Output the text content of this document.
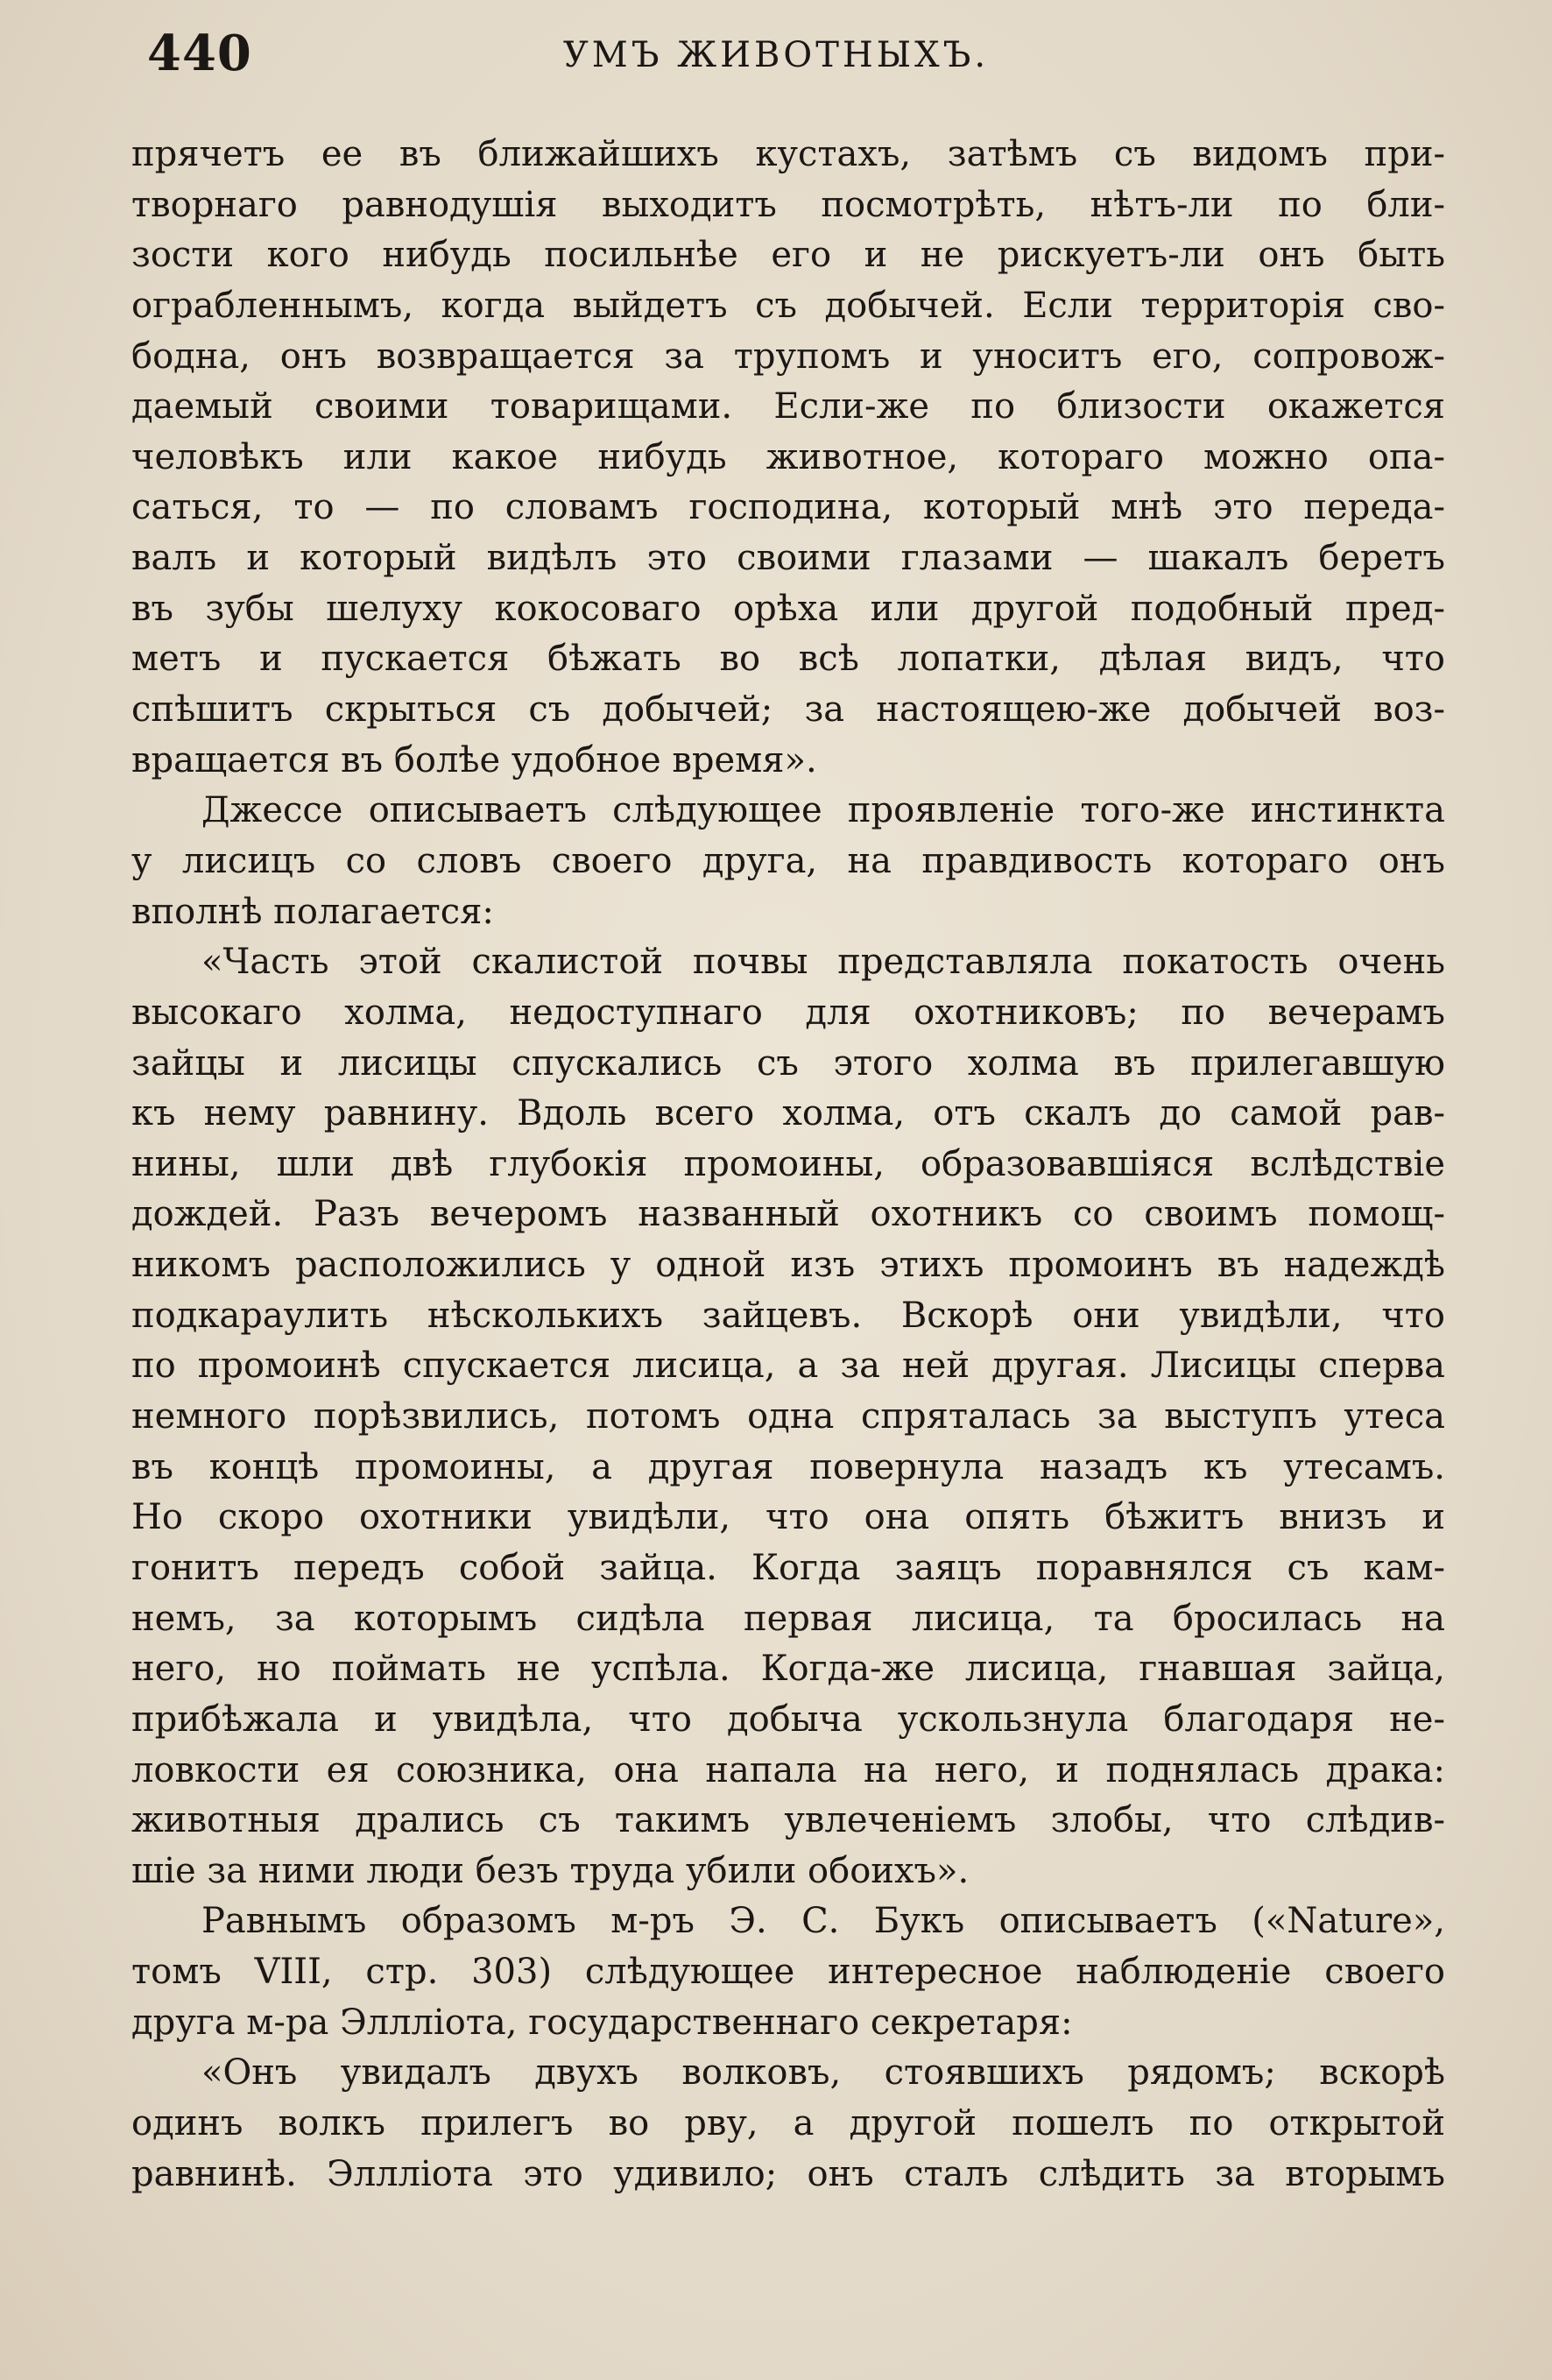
440	УМЪ ЖИВОТНЫХЪ.
прячетъ ее въ ближайшихъ кустахъ, затѣмъ съ видомъ при-
творнаго равнодушія выходитъ посмотрѣть, нѣтъ-ли по бли-
зости кого нибудь посильнѣе его и не рискуетъ-ли онъ быть
ограбленнымъ, когда выйдетъ съ добычей. Если территорія сво-
бодна, онъ возвращается за трупомъ и уноситъ его, сопровож-
даемый своими товарищами. Если-же по близости окажется
человѣкъ или какое нибудь животное, котораго можно опа-
саться, то — по словамъ господина, который мнѣ это переда-
валъ и который видѣлъ это своими глазами — шакалъ беретъ
въ зубы шелуху кокосоваго орѣха или другой подобный пред-
метъ и пускается бѣжать во всѣ лопатки, дѣлая видъ, что
спѣшитъ скрыться съ добычей; за настоящею-же добычей воз-
вращается въ болѣе удобное время».
Джессе описываетъ слѣдующее проявленіе того-же инстинкта
у лисицъ со словъ своего друга, на правдивость котораго онъ
вполнѣ полагается:
«Часть этой скалистой почвы представляла покатость очень
высокаго холма, недоступнаго для охотниковъ; по вечерамъ
зайцы и лисицы спускались съ этого холма въ прилегавшую
къ нему равнину. Вдоль всего холма, отъ скалъ до самой рав-
нины, шли двѣ глубокія промоины, образовавшіяся вслѣдствіе
дождей. Разъ вечеромъ названный охотникъ со своимъ помощ-
никомъ расположились у одной изъ этихъ промоинъ въ надеждѣ
подкараулить нѣсколькихъ зайцевъ. Вскорѣ они увидѣли, что
по промоинѣ спускается лисица, а за ней другая. Лисицы сперва
немного порѣзвились, потомъ одна спряталась за выступъ утеса
въ концѣ промоины, а другая повернула назадъ къ утесамъ.
Но скоро охотники увидѣли, что она опять бѣжитъ внизъ и
гонитъ передъ собой зайца. Когда заяцъ поравнялся съ кам-
немъ, за которымъ сидѣла первая лисица, та бросилась на
него, но поймать не успѣла. Когда-же лисица, гнавшая зайца,
прибѣжала и увидѣла, что добыча ускользнула благодаря не-
ловкости ея союзника, она напала на него, и поднялась драка:
животныя дрались съ такимъ увлеченіемъ злобы, что слѣдив-
шіе за ними люди безъ труда убили обоихъ».
Равнымъ образомъ м-ръ Э. С. Букъ описываетъ («Nature»,
томъ VIII, стр. 303) слѣдующее интересное наблюденіе своего
друга м-ра Эллліота, государственнаго секретаря:
«Онъ увидалъ двухъ волковъ, стоявшихъ рядомъ; вскорѣ
одинъ волкъ прилегъ во рву, а другой пошелъ по открытой
равнинѣ. Эллліота это удивило; онъ сталъ слѣдить за вторымъ
